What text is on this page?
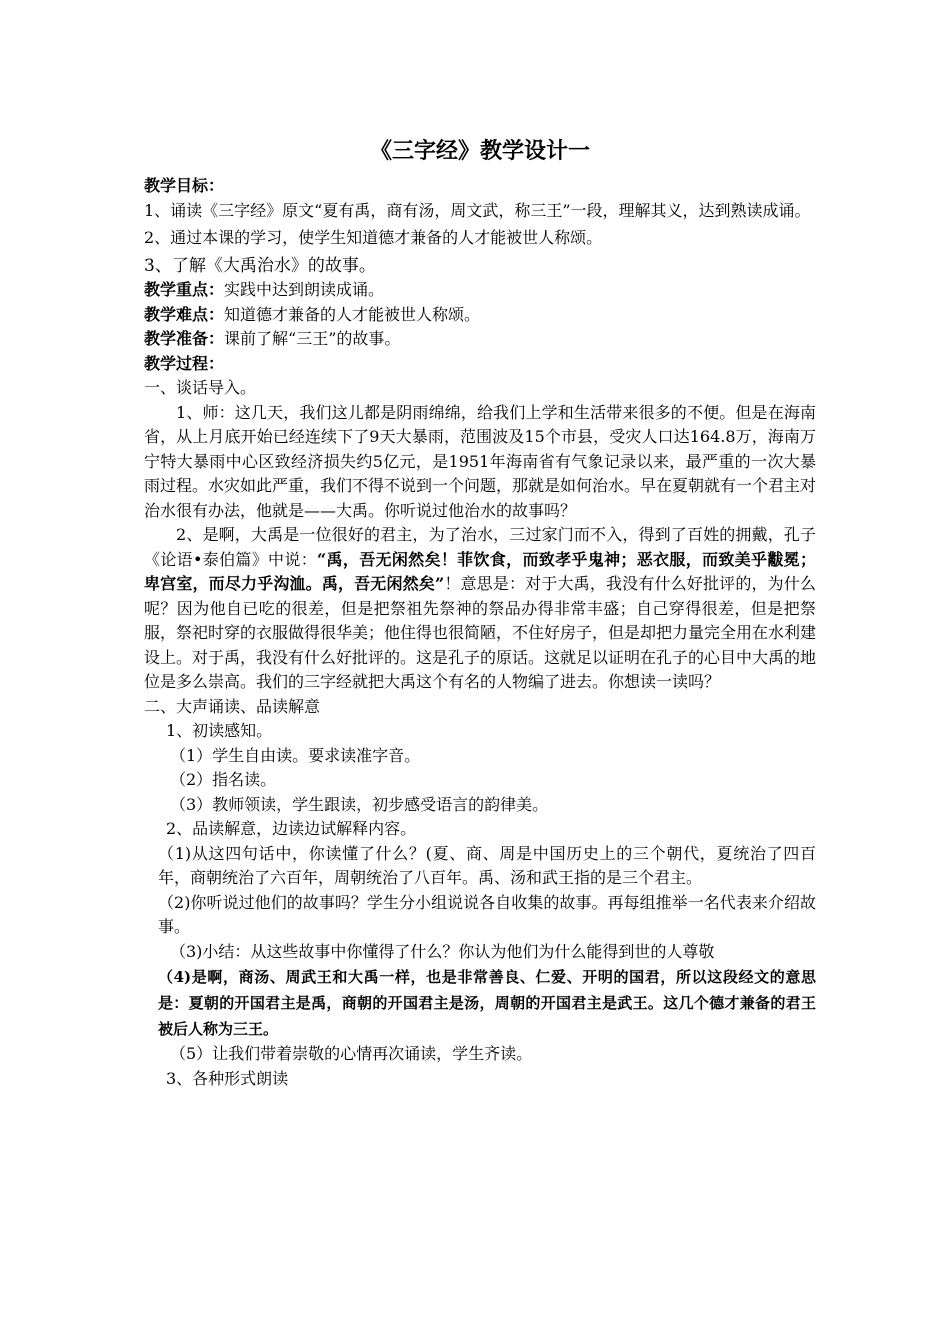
《三字经》教学设计一

教学目标：

1、诵读《三字经》原文“夏有禹，商有汤，周文武，称三王”一段，理解其义，达到熟读成诵。

2、通过本课的学习，使学生知道德才兼备的人才能被世人称颂。

3、了解《大禹治水》的故事。

教学重点：实践中达到朗读成诵。

教学难点：知道德才兼备的人才能被世人称颂。

教学准备：课前了解“三王”的故事。

教学过程：

一、谈话导入。

1、师：这几天，我们这儿都是阴雨绵绵，给我们上学和生活带来很多的不便。但是在海南省，从上月底开始已经连续下了9天大暴雨，范围波及15个市县，受灾人口达164.8万，海南万宁特大暴雨中心区致经济损失约5亿元，是1951年海南省有气象记录以来，最严重的一次大暴雨过程。水灾如此严重，我们不得不说到一个问题，那就是如何治水。早在夏朝就有一个君主对治水很有办法，他就是——大禹。你听说过他治水的故事吗？

2、是啊，大禹是一位很好的君主，为了治水，三过家门而不入，得到了百姓的拥戴，孔子《论语•泰伯篇》中说：“禹，吾无闲然矣！菲饮食，而致孝乎鬼神；恶衣服，而致美乎黻冕；卑宫室，而尽力乎沟洫。禹，吾无闲然矣”！意思是：对于大禹，我没有什么好批评的，为什么呢？因为他自已吃的很差，但是把祭祖先祭神的祭品办得非常丰盛；自己穿得很差，但是把祭服，祭祀时穿的衣服做得很华美；他住得也很简陋，不住好房子，但是却把力量完全用在水利建设上。对于禹，我没有什么好批评的。这是孔子的原话。这就足以证明在孔子的心目中大禹的地位是多么崇高。我们的三字经就把大禹这个有名的人物编了进去。你想读一读吗？

二、大声诵读、品读解意

1、初读感知。

（1）学生自由读。要求读准字音。

（2）指名读。

（3）教师领读，学生跟读，初步感受语言的韵律美。

2、品读解意，边读边试解释内容。

（1)从这四句话中，你读懂了什么？(夏、商、周是中国历史上的三个朝代，夏统治了四百年，商朝统治了六百年，周朝统治了八百年。禹、汤和武王指的是三个君主。

（2)你听说过他们的故事吗？学生分小组说说各自收集的故事。再每组推举一名代表来介绍故事。

（3)小结：从这些故事中你懂得了什么？你认为他们为什么能得到世的人尊敬

（4)是啊，商汤、周武王和大禹一样，也是非常善良、仁爱、开明的国君，所以这段经文的意思是：夏朝的开国君主是禹，商朝的开国君主是汤，周朝的开国君主是武王。这几个德才兼备的君王被后人称为三王。

（5）让我们带着崇敬的心情再次诵读，学生齐读。

3、各种形式朗读
